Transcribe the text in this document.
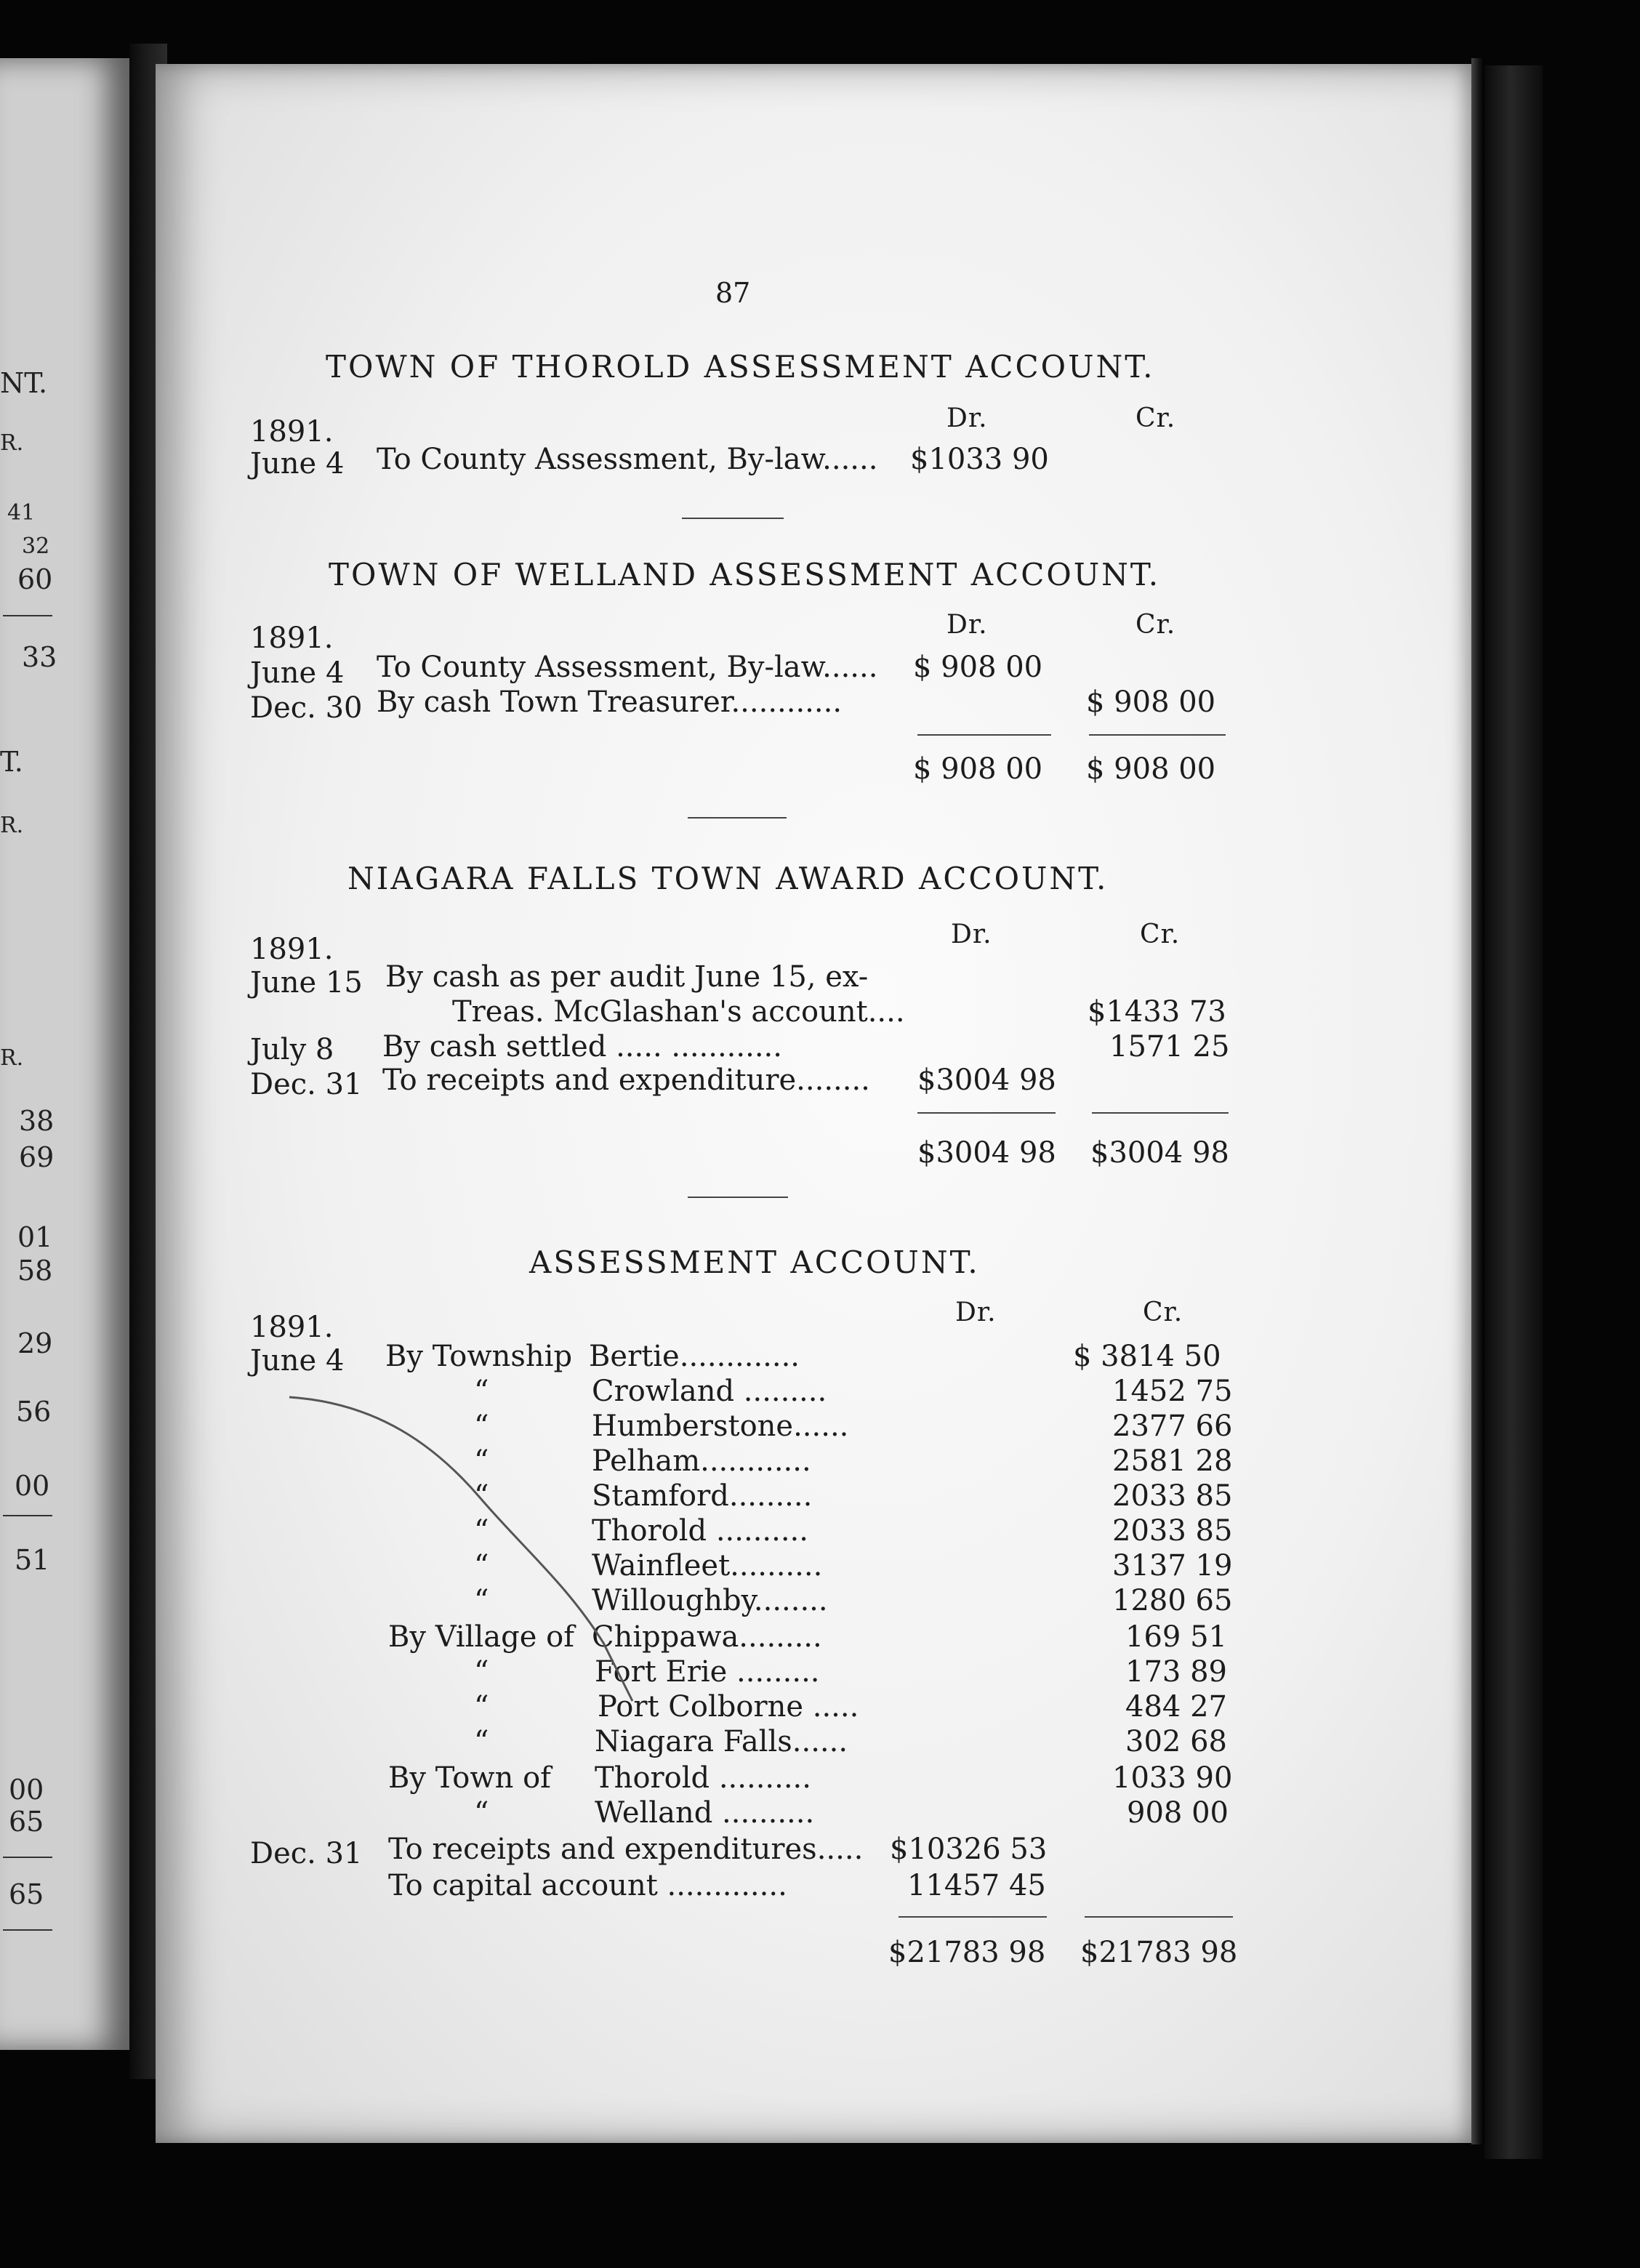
NT.
R.
41
32
60
33
T.
R.
R.
38
69
01
58
29
56
00
51
00
65
65
87
TOWN OF THOROLD ASSESSMENT ACCOUNT.
1891.	Dr.	Cr.
June 4 To County Assessment, By-law...... $1033 90
TOWN OF WELLAND ASSESSMENT ACCOUNT.
1891.	Dr.	Cr.
June 4 To County Assessment, By-law...... $ 908 00
Dec. 30 By cash Town Treasurer............	$ 908 00
$ 908 00 $ 908 00
NIAGARA FALLS TOWN AWARD ACCOUNT.
1891.	Dr.	Cr.
June 15 By cash as per audit June 15, ex-
Treas. McGlashan's account....	$1433 73
July 8 By cash settled ..... ............	1571 25
Dec. 31 To receipts and expenditure........ $3004 98
$3004 98 $3004 98
ASSESSMENT ACCOUNT.
1891.	Dr.	Cr.
June 4 By Township Bertie.............	$ 3814 50
“	Crowland .........	1452 75
“	Humberstone......	2377 66
“	Pelham............	2581 28
“	Stamford.........	2033 85
“	Thorold ..........	2033 85
“	Wainfleet..........	3137 19
“	Willoughby........	1280 65
By Village of Chippawa.........	169 51
“	Fort Erie .........	173 89
“	Port Colborne .....	484 27
“	Niagara Falls......	302 68
By Town of Thorold ..........	1033 90
“	Welland ..........	908 00
Dec. 31 To receipts and expenditures..... $10326 53
To capital account .............	11457 45
$21783 98 $21783 98
